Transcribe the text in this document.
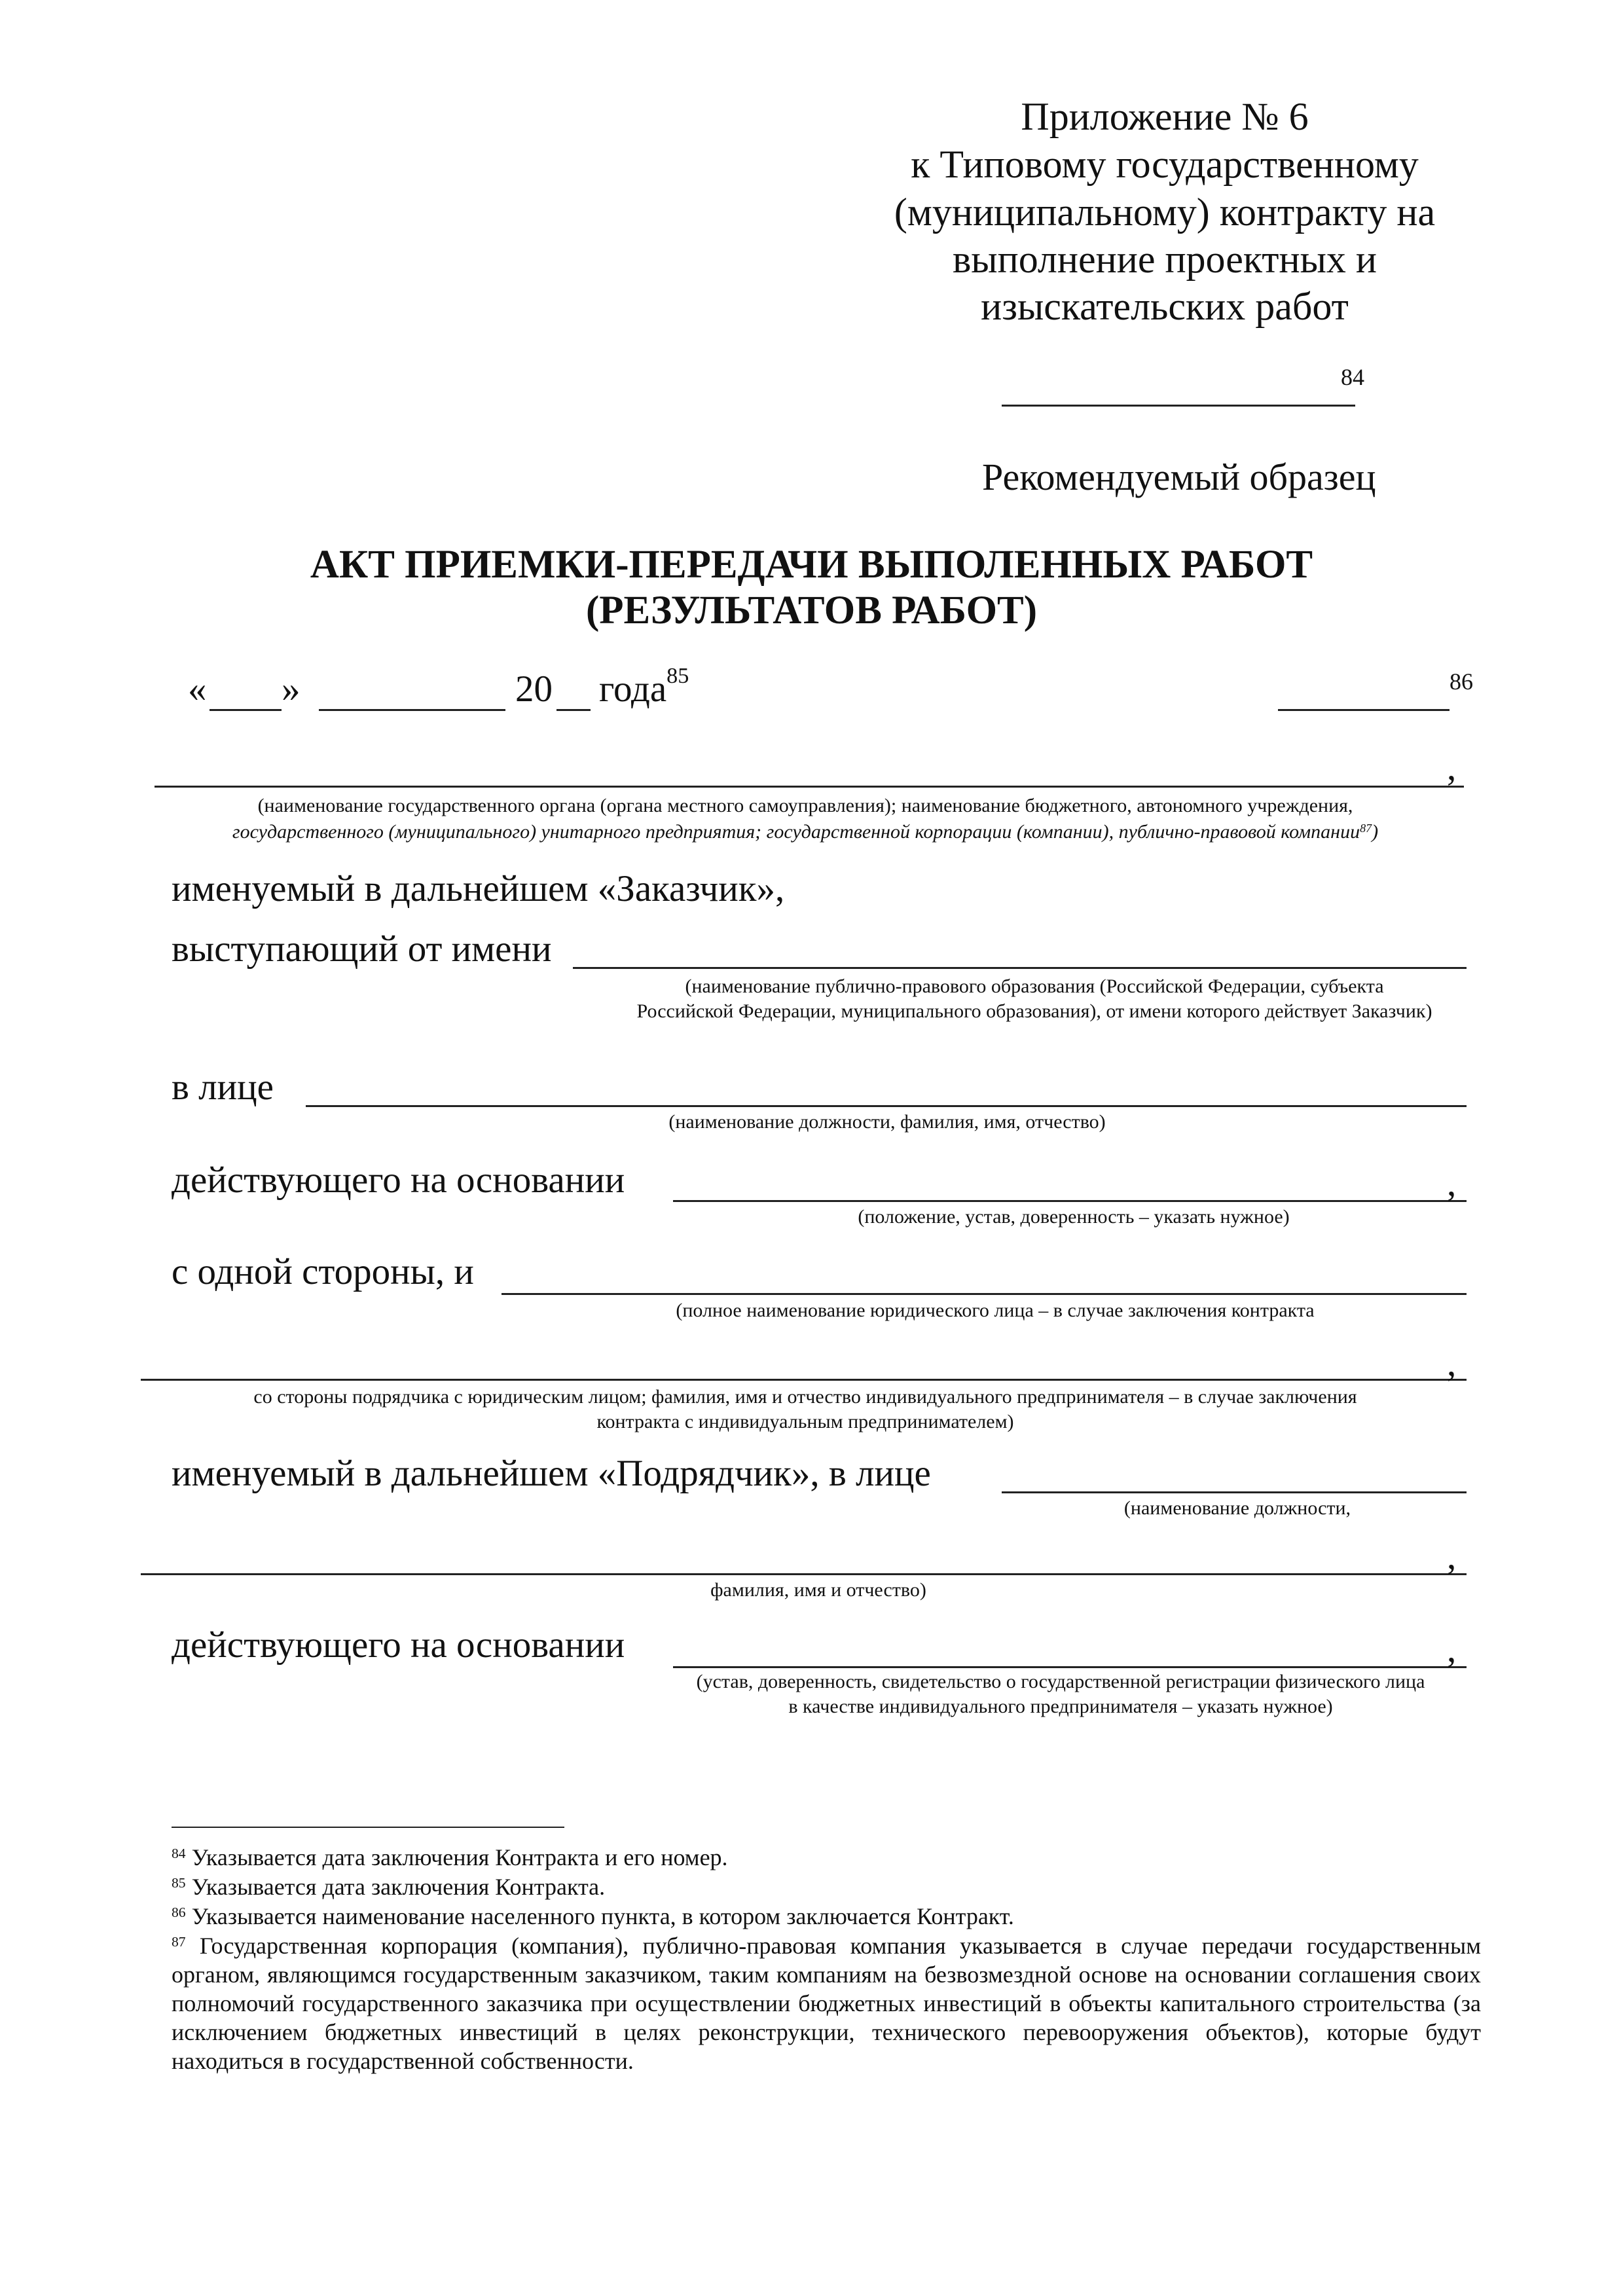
Приложение № 6
к Типовому государственному
(муниципальному) контракту на
выполнение проектных и
изыскательских работ
84
Рекомендуемый образец
АКТ ПРИЕМКИ-ПЕРЕДАЧИ ВЫПОЛЕННЫХ РАБОТ
(РЕЗУЛЬТАТОВ РАБОТ)
« »	20 года$^{85}$	86
,
(наименование государственного органа (органа местного самоуправления); наименование бюджетного, автономного учреждения,
государственного (муниципального) унитарного предприятия; государственной корпорации (компании), публично-правовой компании$^{87}$)
именуемый в дальнейшем «Заказчик»,
выступающий от имени
(наименование публично-правового образования (Российской Федерации, субъекта Российской Федерации, муниципального образования), от имени которого действует Заказчик)
в лице
(наименование должности, фамилия, имя, отчество)
действующего на основании	,
(положение, устав, доверенность – указать нужное)
с одной стороны, и
(полное наименование юридического лица – в случае заключения контракта
,
со стороны подрядчика с юридическим лицом; фамилия, имя и отчество индивидуального предпринимателя – в случае заключения контракта с индивидуальным предпринимателем)
именуемый в дальнейшем «Подрядчик», в лице
(наименование должности,
,
фамилия, имя и отчество)
действующего на основании	,
(устав, доверенность, свидетельство о государственной регистрации физического лица в качестве индивидуального предпринимателя – указать нужное)
$^{84}$ Указывается дата заключения Контракта и его номер.
$^{85}$ Указывается дата заключения Контракта.
$^{86}$ Указывается наименование населенного пункта, в котором заключается Контракт.
$^{87}$ Государственная корпорация (компания), публично-правовая компания указывается в случае передачи государственным органом, являющимся государственным заказчиком, таким компаниям на безвозмездной основе на основании соглашения своих полномочий государственного заказчика при осуществлении бюджетных инвестиций в объекты капитального строительства (за исключением бюджетных инвестиций в целях реконструкции, технического перевооружения объектов), которые будут находиться в государственной собственности.
